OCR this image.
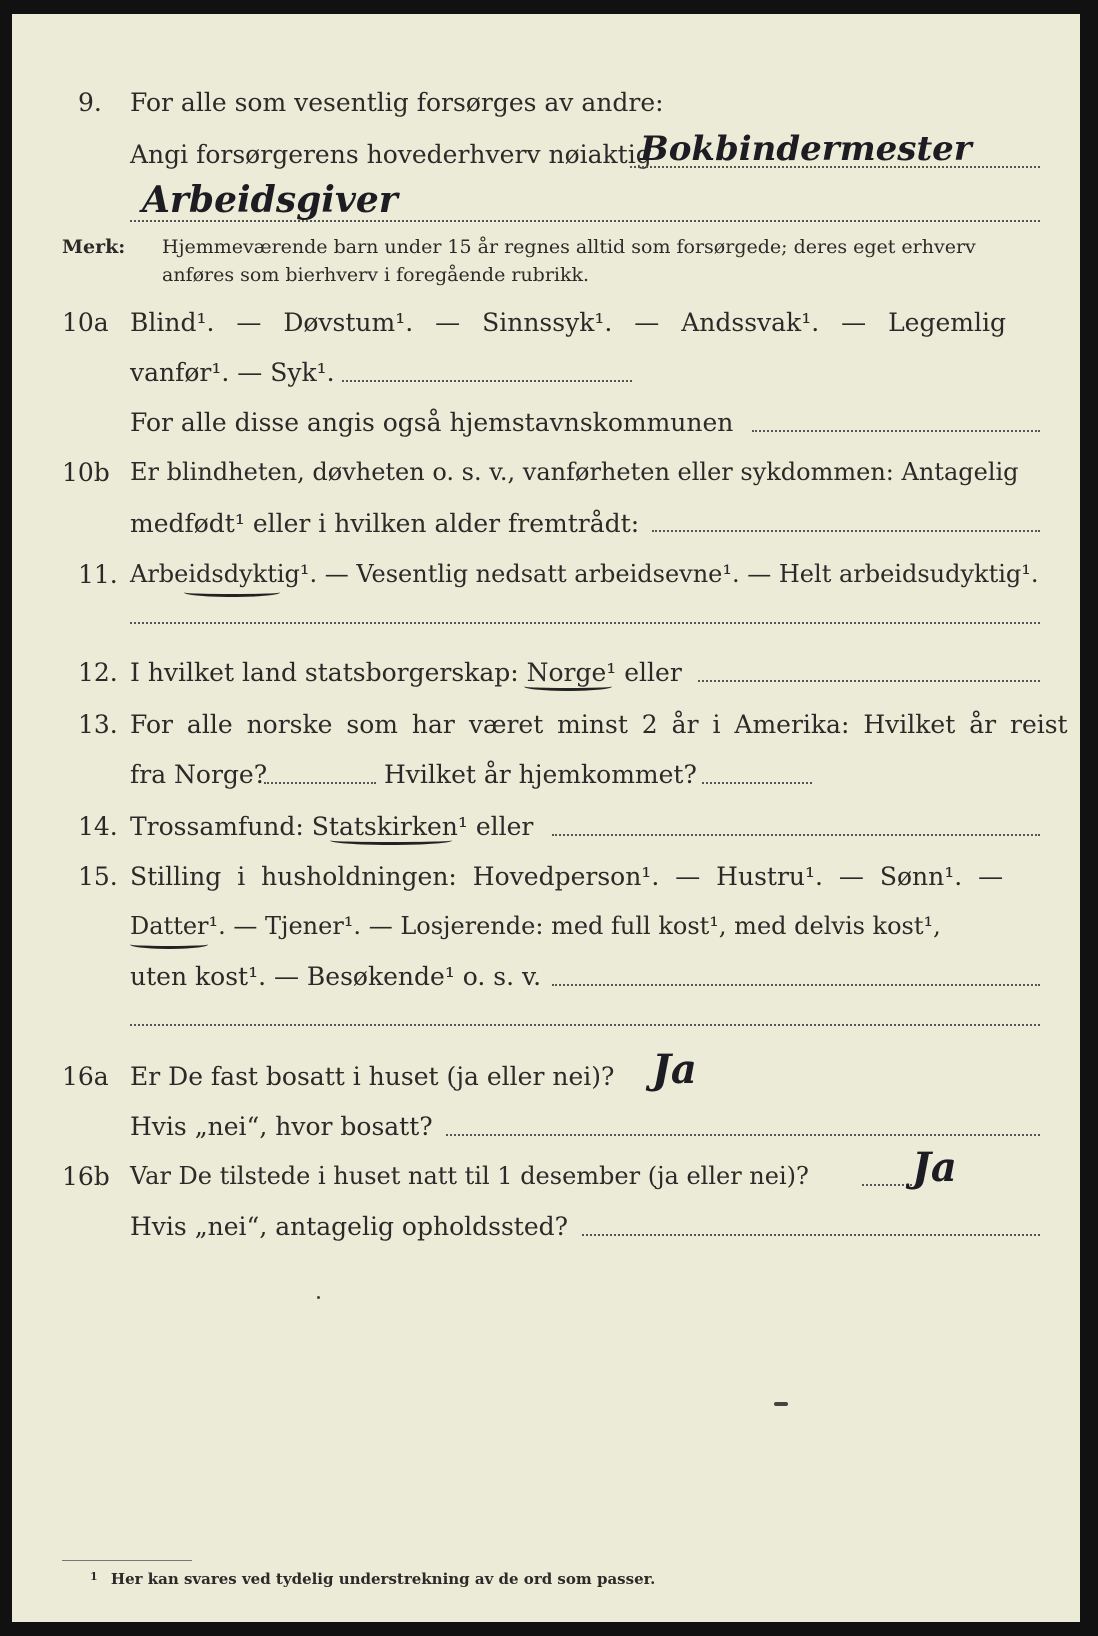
9. For alle som vesentlig forsørges av andre:
Angi forsørgerens hovederhverv nøiaktig
Bokbindermester
Arbeidsgiver
Merk: Hjemmeværende barn under 15 år regnes alltid som forsørgede; deres eget erhverv
anføres som bierhverv i foregående rubrikk.
10a Blind¹. — Døvstum¹. — Sinnssyk¹. — Andssvak¹. — Legemlig
vanfør¹. — Syk¹.
For alle disse angis også hjemstavnskommunen
10b Er blindheten, døvheten o. s. v., vanførheten eller sykdommen: Antagelig
medfødt¹ eller i hvilken alder fremtrådt:
11. Arbeidsdyktig¹. — Vesentlig nedsatt arbeidsevne¹. — Helt arbeidsudyktig¹.
12. I hvilket land statsborgerskap: Norge¹ eller
13. For alle norske som har været minst 2 år i Amerika: Hvilket år reist
fra Norge?	Hvilket år hjemkommet?
14. Trossamfund: Statskirken¹ eller
15. Stilling i husholdningen: Hovedperson¹. — Hustru¹. — Sønn¹. —
Datter¹. — Tjener¹. — Losjerende: med full kost¹, med delvis kost¹,
uten kost¹. — Besøkende¹ o. s. v.
16a Er De fast bosatt i huset (ja eller nei)? Ja
Hvis „nei“, hvor bosatt?
16b Var De tilstede i huset natt til 1 desember (ja eller nei)?	Ja
Hvis „nei“, antagelig opholdssted?
$^1$ Her kan svares ved tydelig understrekning av de ord som passer.
